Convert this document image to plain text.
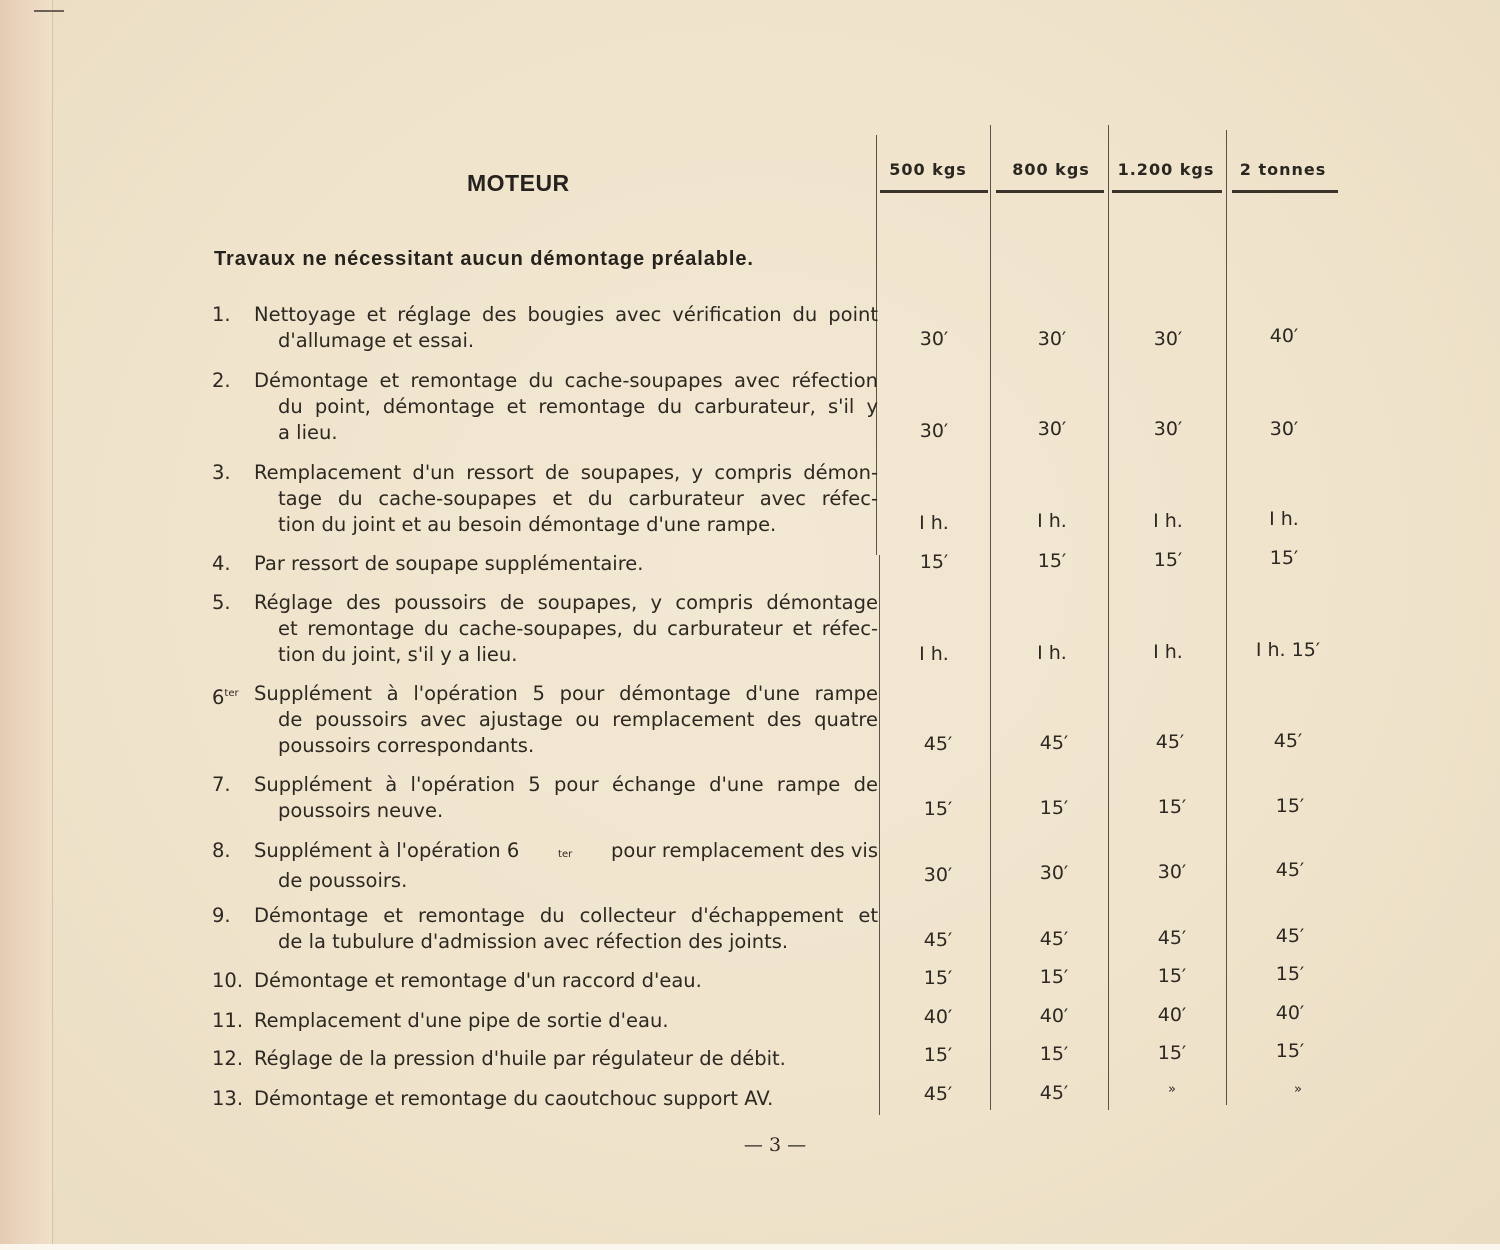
MOTEUR
500 kgs	800 kgs	1.200 kgs	2 tonnes
Travaux ne nécessitant aucun démontage préalable.
1.	Nettoyage et réglage des bougies avec vérification du point
d'allumage et essai.	30′	30′	30′	40′
2.	Démontage et remontage du cache-soupapes avec réfection
du point, démontage et remontage du carburateur, s'il y
a lieu.	30′	30′	30′	30′
3.	Remplacement d'un ressort de soupapes, y compris démon-
tage du cache-soupapes et du carburateur avec réfec-
tion du joint et au besoin démontage d'une rampe.	I h.	I h.	I h.	I h.
4.	Par ressort de soupape supplémentaire.	15′	15′	15′	15′
5.	Réglage des poussoirs de soupapes, y compris démontage
et remontage du cache-soupapes, du carburateur et réfec-
tion du joint, s'il y a lieu.	I h.	I h.	I h.	I h. 15′
$6^{ter}$ Supplément à l'opération 5 pour démontage d'une rampe
de poussoirs avec ajustage ou remplacement des quatre
poussoirs correspondants.	45′	45′	45′	45′
7.	Supplément à l'opération 5 pour échange d'une rampe de
poussoirs neuve.	15′	15′	15′	15′
8.	Supplément à l'opération 6	$_{ter}$ pour remplacement des vis
de poussoirs.	30′	30′	30′	45′
9.	Démontage et remontage du collecteur d'échappement et
de la tubulure d'admission avec réfection des joints.	45′	45′	45′	45′
10. Démontage et remontage d'un raccord d'eau.	15′	15′	15′	15′
11. Remplacement d'une pipe de sortie d'eau.	40′	40′	40′	40′
12. Réglage de la pression d'huile par régulateur de débit.	15′	15′	15′	15′
13. Démontage et remontage du caoutchouc support AV.	45′	45′	»	»
— 3 —
